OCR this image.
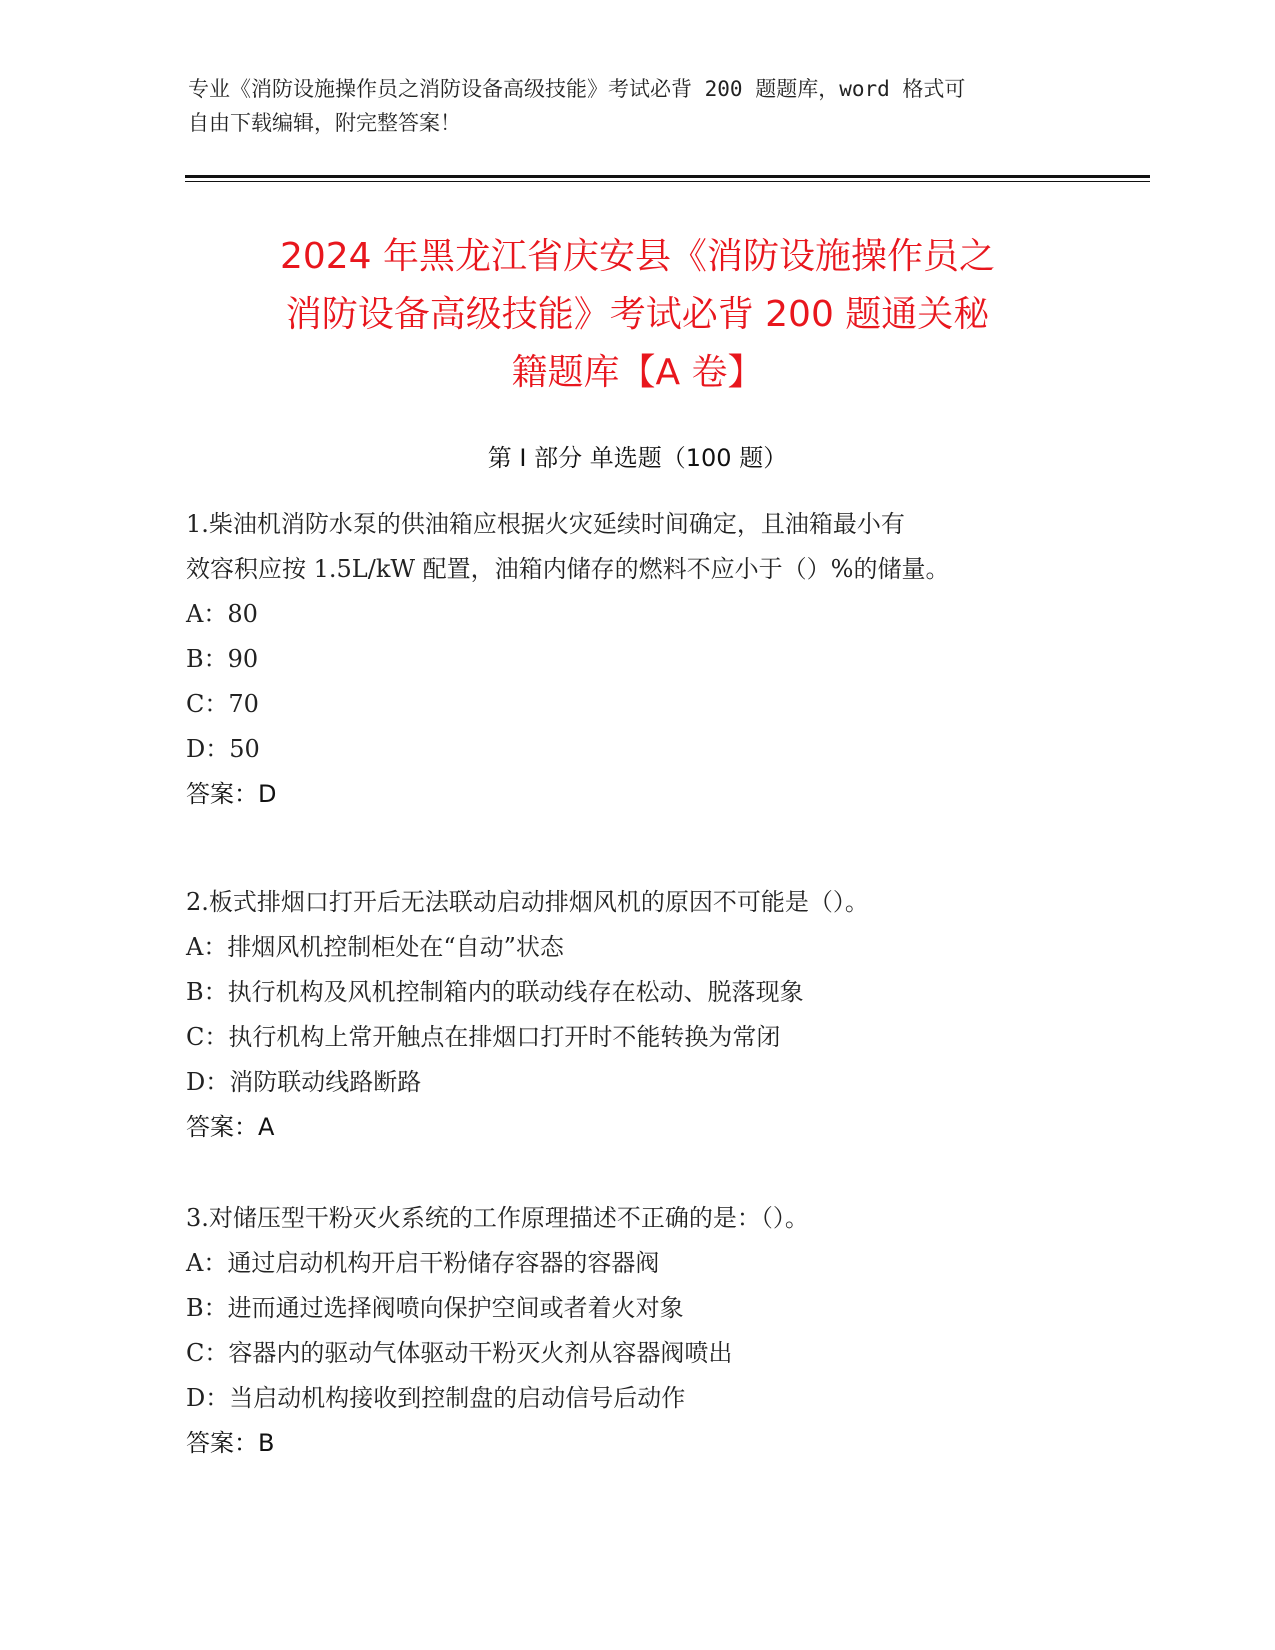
专业《消防设施操作员之消防设备高级技能》考试必背 200 题题库，word 格式可
自由下载编辑，附完整答案！
2024 年黑龙江省庆安县《消防设施操作员之
消防设备高级技能》考试必背 200 题通关秘
籍题库【A 卷】
第 I 部分 单选题（100 题）
1.柴油机消防水泵的供油箱应根据火灾延续时间确定，且油箱最小有
效容积应按 1.5L/kW 配置，油箱内储存的燃料不应小于（）%的储量。
A：80
B：90
C：70
D：50
答案：D
2.板式排烟口打开后无法联动启动排烟风机的原因不可能是（）。
A：排烟风机控制柜处在“自动”状态
B：执行机构及风机控制箱内的联动线存在松动、脱落现象
C：执行机构上常开触点在排烟口打开时不能转换为常闭
D：消防联动线路断路
答案：A
3.对储压型干粉灭火系统的工作原理描述不正确的是：（）。
A：通过启动机构开启干粉储存容器的容器阀
B：进而通过选择阀喷向保护空间或者着火对象
C：容器内的驱动气体驱动干粉灭火剂从容器阀喷出
D：当启动机构接收到控制盘的启动信号后动作
答案：B
